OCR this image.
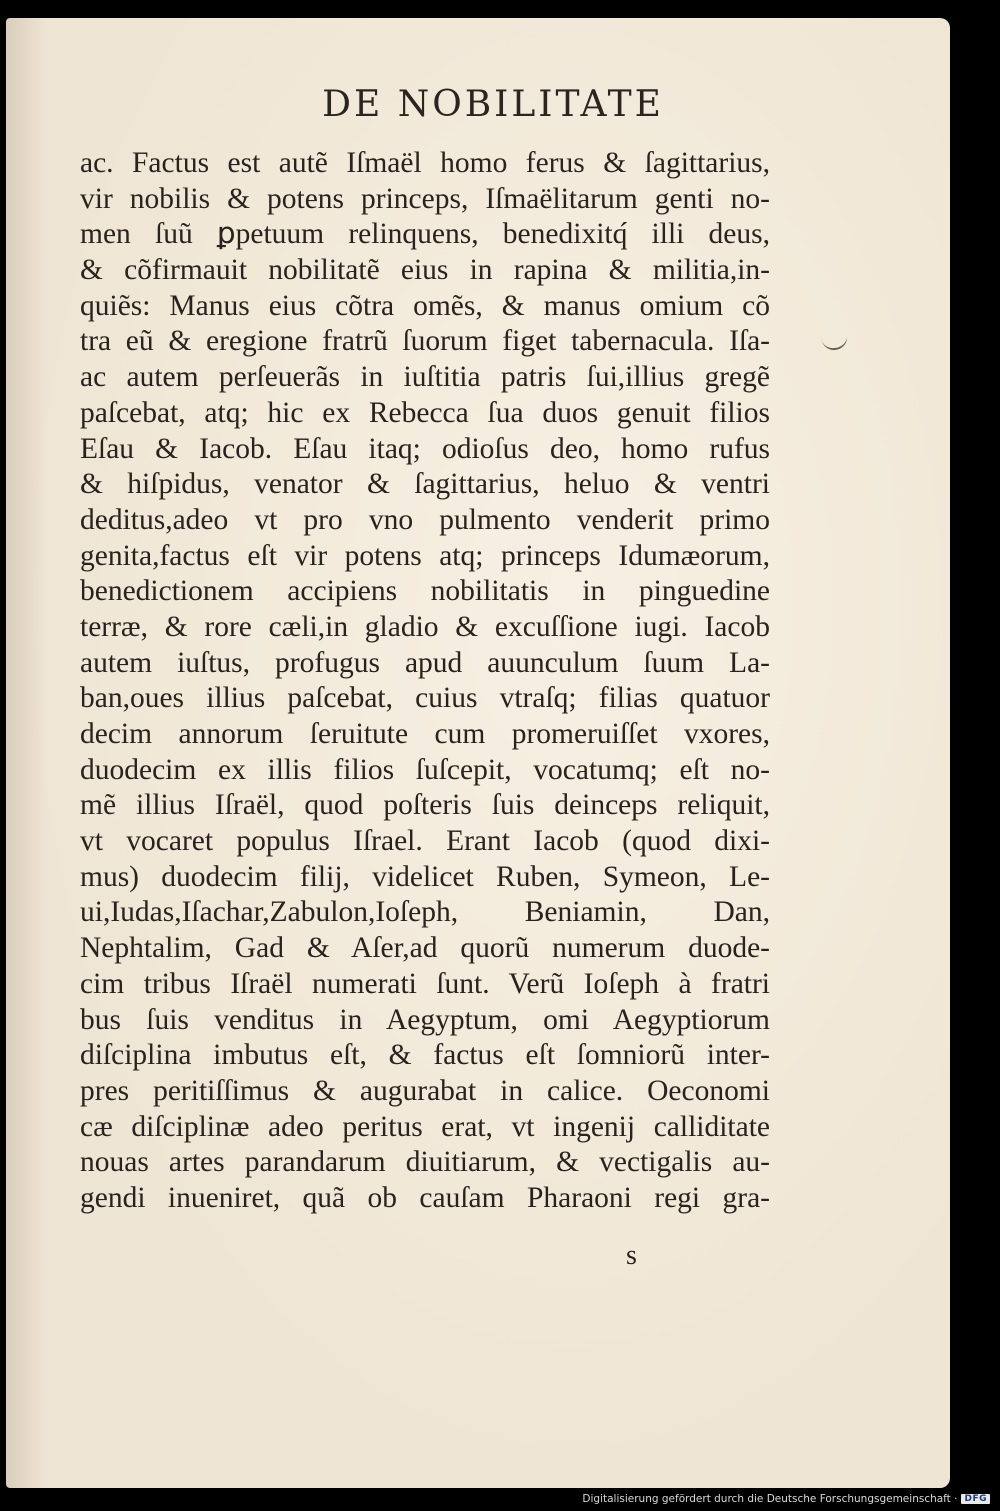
DE NOBILITATE
ac. Factus est autẽ Iſmaël homo ferus & ſagittarius,
vir nobilis & potens princeps, Iſmaëlitarum genti no-
men ſuũ ꝑpetuum relinquens, benedixitq́ illi deus,
& cõfirmauit nobilitatẽ eius in rapina & militia,in-
quiẽs: Manus eius cõtra omẽs, & manus omium cõ
tra eũ & eregione fratrũ ſuorum figet tabernacula. Iſa-
ac autem perſeuerãs in iuſtitia patris ſui,illius gregẽ
paſcebat, atq; hic ex Rebecca ſua duos genuit filios
Eſau & Iacob. Eſau itaq; odioſus deo, homo rufus
& hiſpidus, venator & ſagittarius, heluo & ventri
deditus,adeo vt pro vno pulmento venderit primo
genita,factus eſt vir potens atq; princeps Idumæorum,
benedictionem accipiens nobilitatis in pinguedine
terræ, & rore cæli,in gladio & excuſſione iugi. Iacob
autem iuſtus, profugus apud auunculum ſuum La-
ban,oues illius paſcebat, cuius vtraſq; filias quatuor
decim annorum ſeruitute cum promeruiſſet vxores,
duodecim ex illis filios ſuſcepit, vocatumq; eſt no-
mẽ illius Iſraël, quod poſteris ſuis deinceps reliquit,
vt vocaret populus Iſrael. Erant Iacob (quod dixi-
mus) duodecim filij, videlicet Ruben, Symeon, Le-
ui,Iudas,Iſachar,Zabulon,Ioſeph, Beniamin, Dan,
Nephtalim, Gad & Aſer,ad quorũ numerum duode-
cim tribus Iſraël numerati ſunt. Verũ Ioſeph à fratri
bus ſuis venditus in Aegyptum, omi Aegyptiorum
diſciplina imbutus eſt, & factus eſt ſomniorũ inter-
pres peritiſſimus & augurabat in calice. Oeconomi
cæ diſciplinæ adeo peritus erat, vt ingenij calliditate
nouas artes parandarum diuitiarum, & vectigalis au-
gendi inueniret, quã ob cauſam Pharaoni regi gra-
s
Digitalisierung gefördert durch die Deutsche Forschungsgemeinschaft · DFG
